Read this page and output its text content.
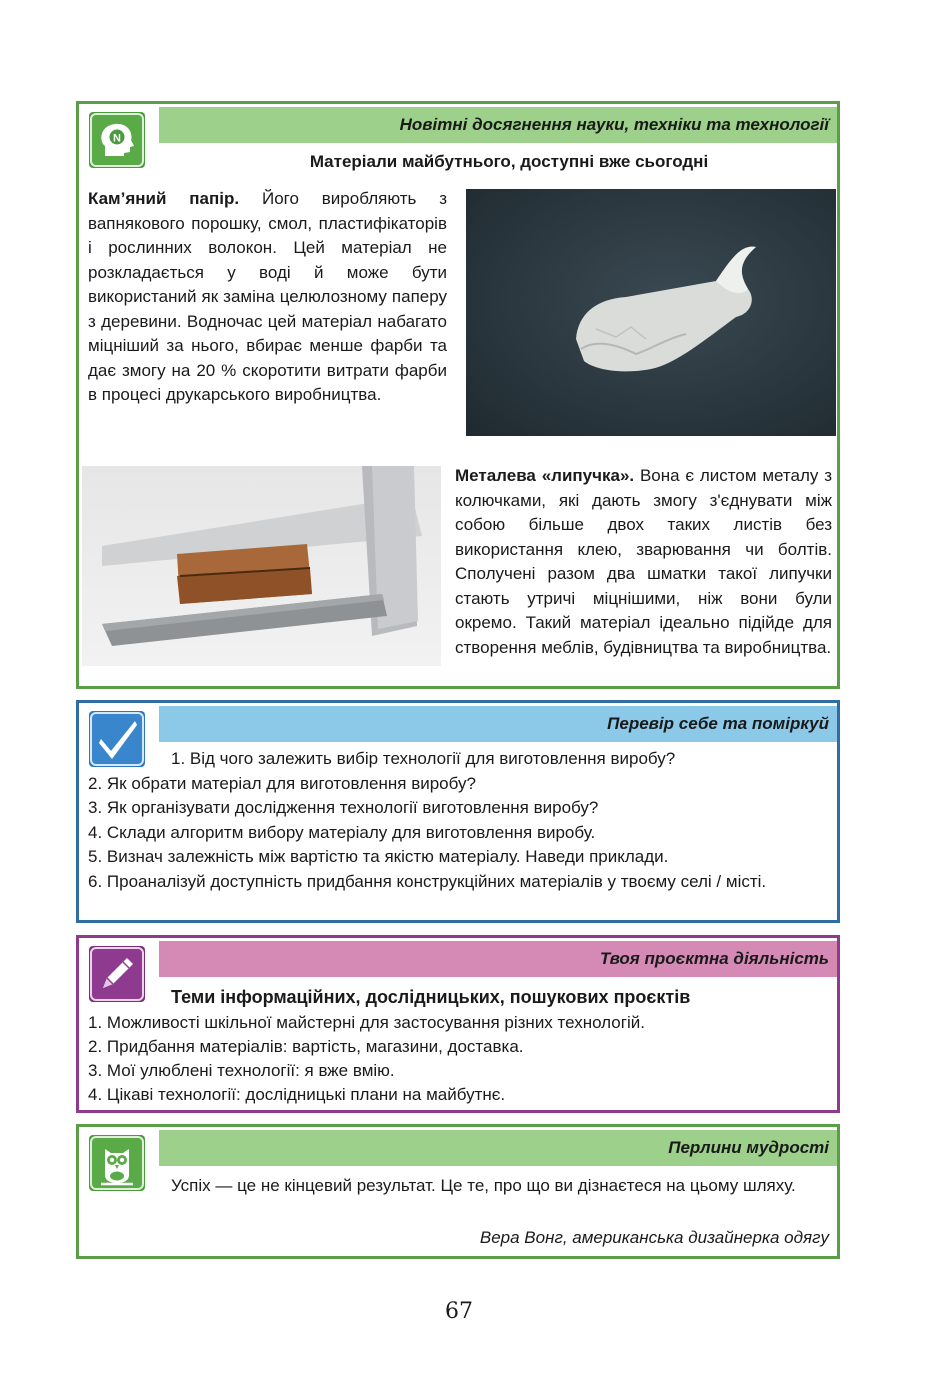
Новітні досягнення науки, техніки та технології
N
Матеріали майбутнього, доступні вже сьогодні

Кам’яний папір. Його виробляють з вапнякового порошку, смол, пластифікаторів і рослинних волокон. Цей матеріал не розкладається у воді й може бути використаний як заміна целюлозному паперу з деревини. Водночас цей матеріал набагато міцніший за нього, вбирає менше фарби та дає змогу на 20 % скоротити витрати фарби в процесі друкарського виробництва.

Металева «липучка». Вона є листом металу з колючками, які дають змогу з'єднувати між собою більше двох таких листів без використання клею, зварювання чи болтів. Сполучені разом два шматки такої липучки стають утричі міцнішими, ніж вони були окремо. Такий матеріал ідеально підійде для створення меблів, будівництва та виробництва.

Перевір себе та поміркуй
1. Від чого залежить вибір технології для виготовлення виробу?
2. Як обрати матеріал для виготовлення виробу?
3. Як організувати дослідження технології виготовлення виробу?
4. Склади алгоритм вибору матеріалу для виготовлення виробу.
5. Визнач залежність між вартістю та якістю матеріалу. Наведи приклади.
6. Проаналізуй доступність придбання конструкційних матеріалів у твоєму селі / місті.
Твоя проєктна діяльність
Теми інформаційних, дослідницьких, пошукових проєктів
1. Можливості шкільної майстерні для застосування різних технологій.
2. Придбання матеріалів: вартість, магазини, доставка.
3. Мої улюблені технології: я вже вмію.
4. Цікаві технології: дослідницькі плани на майбутнє.
Перлини мудрості

Успіх — це не кінцевий результат. Це те, про що ви дізнаєтеся на цьому шляху.

Вера Вонг, американська дизайнерка одягу
67
